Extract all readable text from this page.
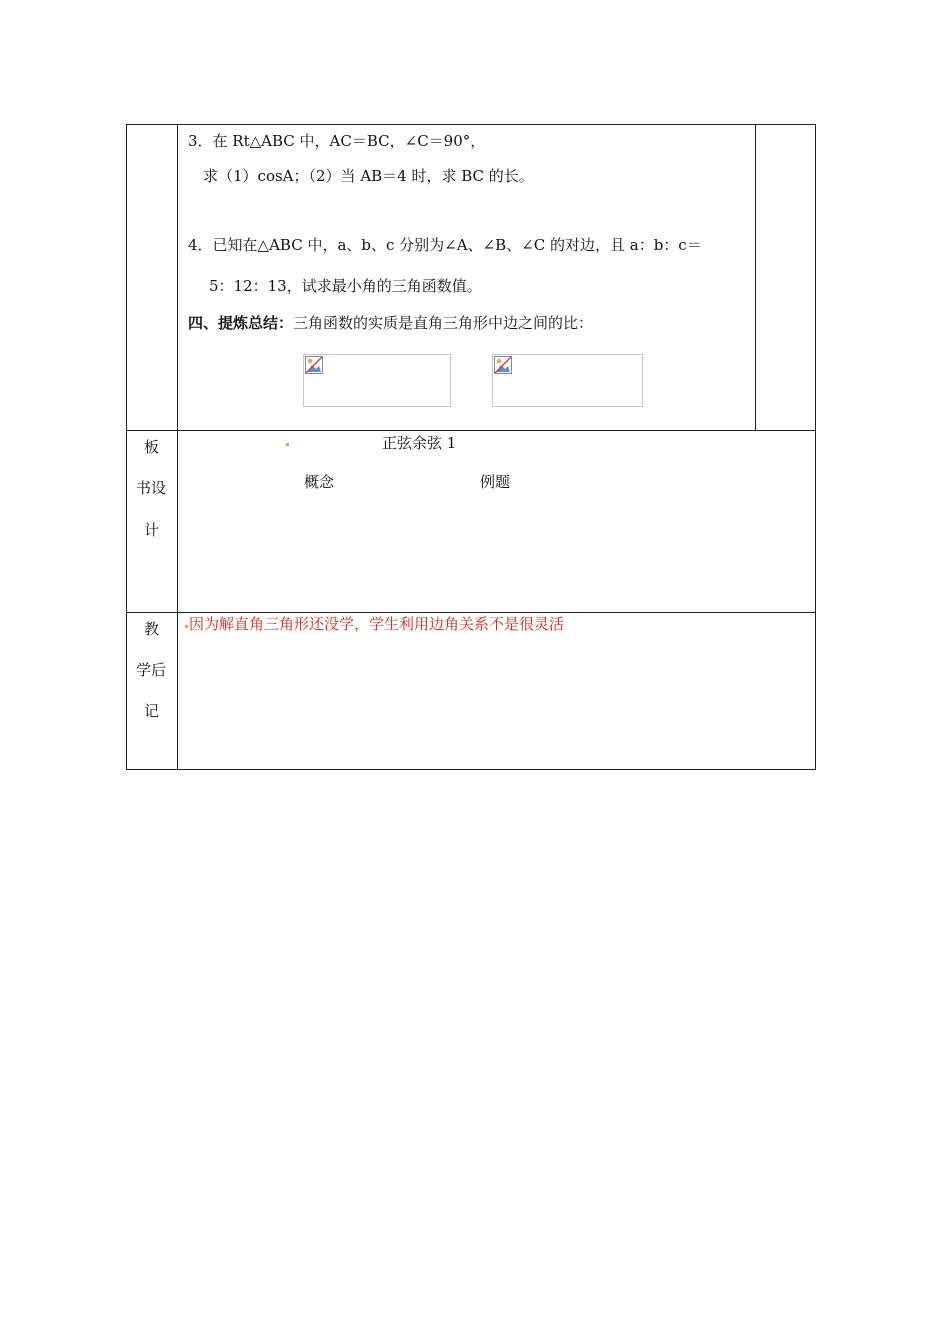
3．在 Rt△ABC 中，AC＝BC，∠C＝90°，
求（1）cosA；（2）当 AB＝4 时，求 BC 的长。
4．已知在△ABC 中，a、b、c 分别为∠A、∠B、∠C 的对边，且 a：b：c＝
5：12：13，试求最小角的三角函数值。
四、提炼总结：三角函数的实质是直角三角形中边之间的比：
板
书设
计
正弦余弦 1
概念	例题
教
学后
记
因为解直角三角形还没学，学生利用边角关系不是很灵活
